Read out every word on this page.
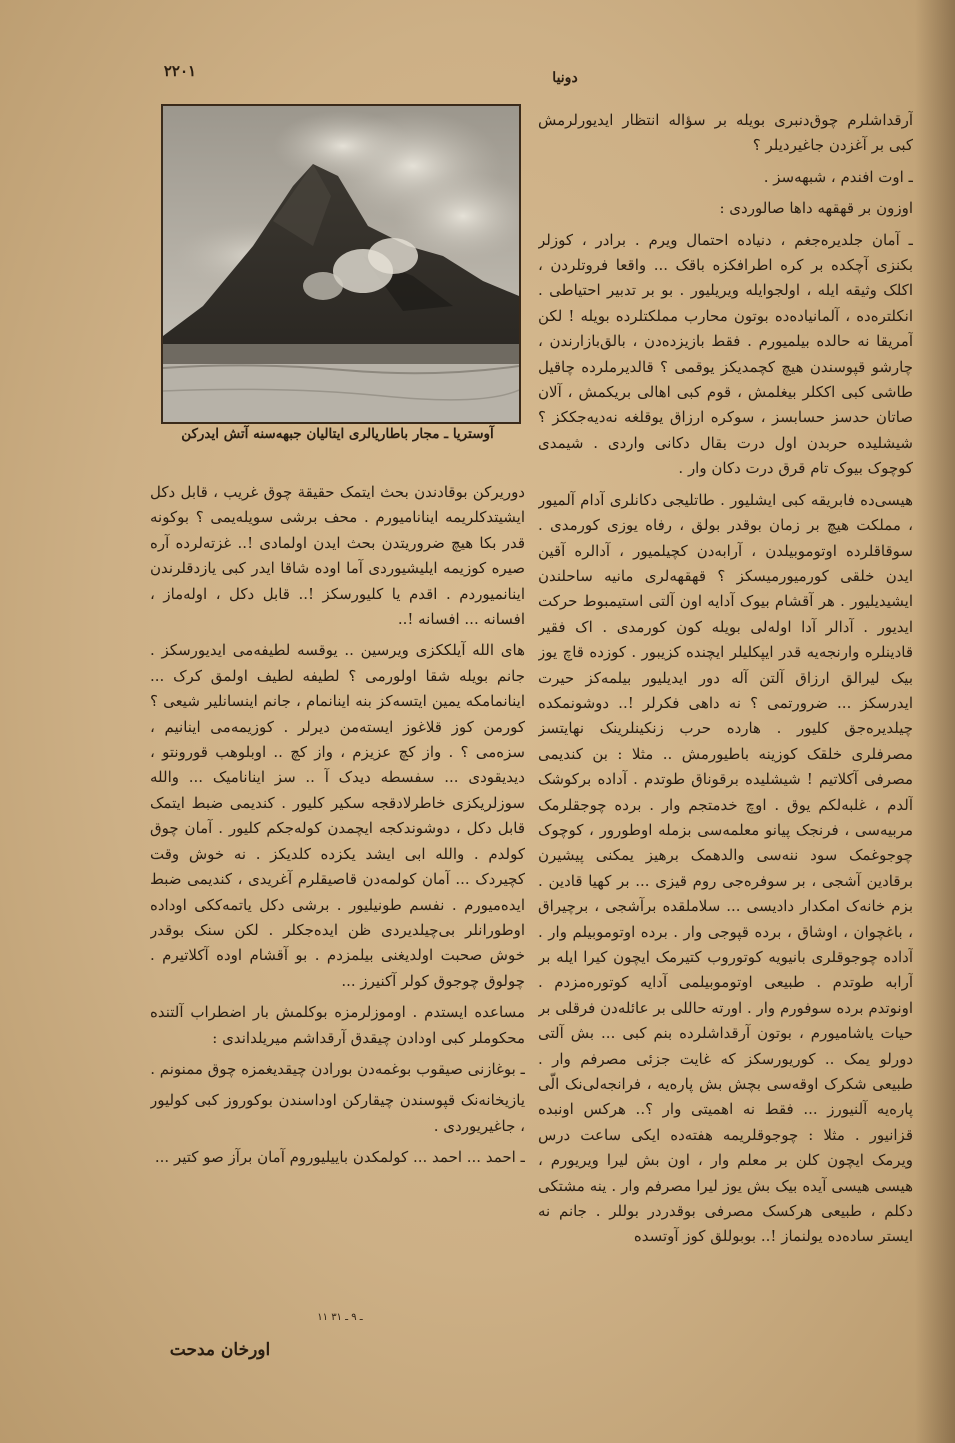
۲۲۰۱	دونیا
آوستریا ـ مجار باطاریالری ایتالیان جبهه‌سنه آتش ایدرکن

آرقداشلرم چوق‌دنبری بویله بر سؤاله انتظار ایدیورلرمش کبی بر آغزدن جاغیردیلر ؟

ـ اوت افندم ، شبهه‌سز .

اوزون بر قهقهه داها صالوردی :

ـ آمان جلدیره‌جغم ، دنیاده احتمال ویرم . برادر ، کوزلر بکنزی آچکده بر کره اطرافکزه باقک ... واقعا فروتلردن ، اکلک وثیقه ایله ، اولجوایله ویریلیور . بو بر تدبیر احتیاطی . انکلتره‌ده ، آلمانیاده‌ده بوتون محارب مملکتلرده بویله ! لکن آمریقا نه حالده بیلمیورم . فقط بازیزده‌دن ، بالق‌بازارندن ، چارشو قپوسندن هیچ کچمدیکز یوقمی ؟ قالدیرملرده چاقیل طاشی کبی اککلر بیغلمش ، قوم کبی اهالی بریکمش ، آلان صاتان حدسز حسابسز ، سوکره ارزاق یوقلغه نه‌دیه‌جککز ؟ شیشلیده حربدن اول درت بقال دکانی واردی . شیمدی کوچوک بیوک تام قرق درت دکان وار .

هیسی‌ده فابریقه کبی ایشلیور . طاتلیجی دکانلری آدام آلمیور ، مملکت هیچ بر زمان بوقدر بولق ، رفاه یوزی کورمدی . سوقاقلرده اوتوموبیلدن ، آرابه‌دن کچیلمیور ، آدالره آقین ایدن خلقی کورمیورمیسکز ؟ قهقهه‌لری مانیه ساحلندن ایشیدیلیور . هر آقشام بیوک آدایه اون آلتی استیمبوط حرکت ایدیور . آدالر آدا اوله‌لی بویله کون کورمدی . اک فقیر قادینلره وارنجه‌یه قدر ایپکلیلر ایچنده کزیبور . کوزده قاچ یوز بیک لیرالق ارزاق آلتن آله دور ایدیلیور بیلمه‌کز حیرت ایدرسکز ... ضرورتمی ؟ نه داهی فکرلر !.. دوشونمکده چیلدیره‌جق کلیور . هارده حرب زنکینلرینک نهایتسز مصرفلری خلقک کوزینه باطیورمش .. مثلا : بن کندیمی مصرفی آکلاتیم ! شیشلیده برقوناق طوتدم . آداده برکوشک آلدم ، غلبه‌لکم یوق . اوچ خدمتجم وار . برده چوجقلرمک مربیه‌سی ، فرنجک پیانو معلمه‌سی بزمله اوطورور ، کوچوک چوجوغمک سود ننه‌سی والدهمک برهیز یمکنی پیشیرن برقادین آشجی ، بر سوفره‌جی روم قیزی ... بر کهیا قادین . بزم خانه‌ک امکدار دادیسی ... سلاملقده برآشجی ، برچیراق ، باغچوان ، اوشاق ، برده قپوجی وار . برده اوتوموبیلم وار . آداده چوجوقلری بانیویه کوتوروب کتیرمک ایچون کیرا ایله بر آرابه طوتدم . طبیعی اوتوموبیلمی آدایه کوتوره‌مزدم . اونوتدم برده سوفورم وار . اورته حاللی بر عائله‌دن فرقلی بر حیات یاشامیورم ، بوتون آرقداشلرده بنم کبی ... بش آلتی دورلو یمک .. کوریورسکز که غایت جزئی مصرفم وار . طبیعی شکرک اوقه‌سی بچش بش پاره‌یه ، فرانجه‌لی‌نک الّی پاره‌یه آلنیورز ... فقط نه اهمیتی وار ؟.. هرکس اونبده قزانیور . مثلا : چوجوقلریمه هفته‌ده ایکی ساعت درس ویرمک ایچون کلن بر معلم وار ، اون بش لیرا ویریورم ، هیسی هیسی آیده بیک بش یوز لیرا مصرفم وار . ینه مشتکی دکلم ، طبیعی هرکسک مصرفی بوقدردر بوللر . جانم نه ایستر ساده‌ده یولنماز !.. بوبوللق کوز آوتسده

دوریرکن بوقادندن بحث ایتمک حقیقة چوق غریب ، قابل دکل ایشیتدکلریمه اینانامیورم . محف برشی سویله‌یمی ؟ بوکونه قدر بکا هیچ ضروریتدن بحث ایدن اولمادی !.. غزته‌لرده آره صیره کوزیمه ایلیشیوردی آما اوده شاقا ایدر کبی یازدقلرندن اینانمیوردم . اقدم یا کلیورسکز !.. قابل دکل ، اوله‌ماز ، افسانه ... افسانه !..

های الله آیلککزی ویرسین .. یوقسه لطیفه‌می ایدیورسکز . جانم بویله شقا اولورمی ؟ لطیفه لطیف اولمق کرک ... اینانمامکه یمین ایتسه‌کز بنه اینانمام ، جانم اینسانلیر شیعی ؟ کورمن کوز قلاغوز ایسته‌من دیرلر . کوزیمه‌می اینانیم ، سزه‌می ؟ . واز کچ عزیزم ، واز کچ .. اوبلوهب قورونتو ، دیدیقودی ... سفسطه دیدک آ .. سز اینانامیک ... والله سوزلریکزی خاطرلادقجه سکیر کلیور . کندیمی ضبط ایتمک قابل دکل ، دوشوندکجه ایچمدن کوله‌جکم کلیور . آمان چوق کولدم . والله ابی ایشد یکزده کلدیکز . نه خوش وقت کچیردک ... آمان کولمه‌دن قاصیقلرم آغریدی ، کندیمی ضبط ایده‌میورم . نفسم طونیلیور . برشی دکل یاتمه‌ککی اوداده اوطورانلر بی‌چیلدیردی ظن ایده‌جکلر . لکن سنک بوقدر خوش صحبت اولدیغنی بیلمزدم . بو آقشام اوده آکلاتیرم . چولوق چوجوق کولر آکنیرز ...

مساعده ایستدم . اوموزلرمزه بوکلمش بار اضطراب آلتنده محکوملر کبی اودادن چیقدق آرقداشم میریلداندی :

ـ بوغازنی صیقوب بوغمه‌دن بورادن چیقدیغمزه چوق ممنونم .

یازیخانه‌نک قپوسندن چیقارکن اوداسندن بوکوروز کبی کولیور ، جاغیریوردی .

ـ احمد ... احمد ... کولمکدن باییلیوروم آمان برآز صو کتیر ...

۱۱ ـ ۹ ـ ۳۱
اورخان مدحت
